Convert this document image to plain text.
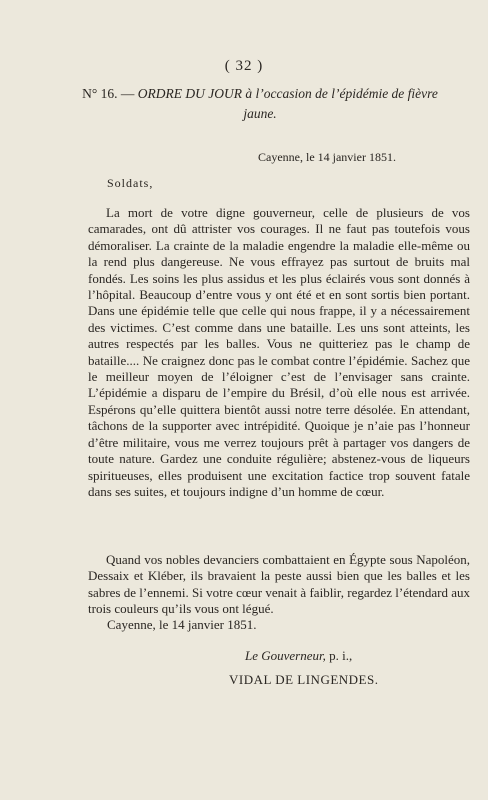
( 32 )
N° 16. — ORDRE DU JOUR à l’occasion de l’épidémie de fièvre jaune.
Cayenne, le 14 janvier 1851.
Soldats,

La mort de votre digne gouverneur, celle de plusieurs de vos camarades, ont dû attrister vos courages. Il ne faut pas toutefois vous démoraliser. La crainte de la maladie engendre la maladie elle-même ou la rend plus dangereuse. Ne vous effrayez pas surtout de bruits mal fondés. Les soins les plus assidus et les plus éclairés vous sont donnés à l’hôpital. Beaucoup d’entre vous y ont été et en sont sortis bien portant. Dans une épidémie telle que celle qui nous frappe, il y a nécessairement des victimes. C’est comme dans une bataille. Les uns sont atteints, les autres respectés par les balles. Vous ne quitteriez pas le champ de bataille.... Ne craignez donc pas le combat contre l’épidémie. Sachez que le meilleur moyen de l’éloigner c’est de l’envisager sans crainte. L’épidémie a disparu de l’empire du Brésil, d’où elle nous est arrivée. Espérons qu’elle quittera bientôt aussi notre terre désolée. En attendant, tâchons de la supporter avec intrépidité. Quoique je n’aie pas l’honneur d’être militaire, vous me verrez toujours prêt à partager vos dangers de toute nature. Gardez une conduite régulière; abstenez-vous de liqueurs spiritueuses, elles produisent une excitation factice trop souvent fatale dans ses suites, et toujours indigne d’un homme de cœur.

Quand vos nobles devanciers combattaient en Égypte sous Napoléon, Dessaix et Kléber, ils bravaient la peste aussi bien que les balles et les sabres de l’ennemi. Si votre cœur venait à faiblir, regardez l’étendard aux trois couleurs qu’ils vous ont légué.

Cayenne, le 14 janvier 1851.
Le Gouverneur, p. i.,
VIDAL DE LINGENDES.
